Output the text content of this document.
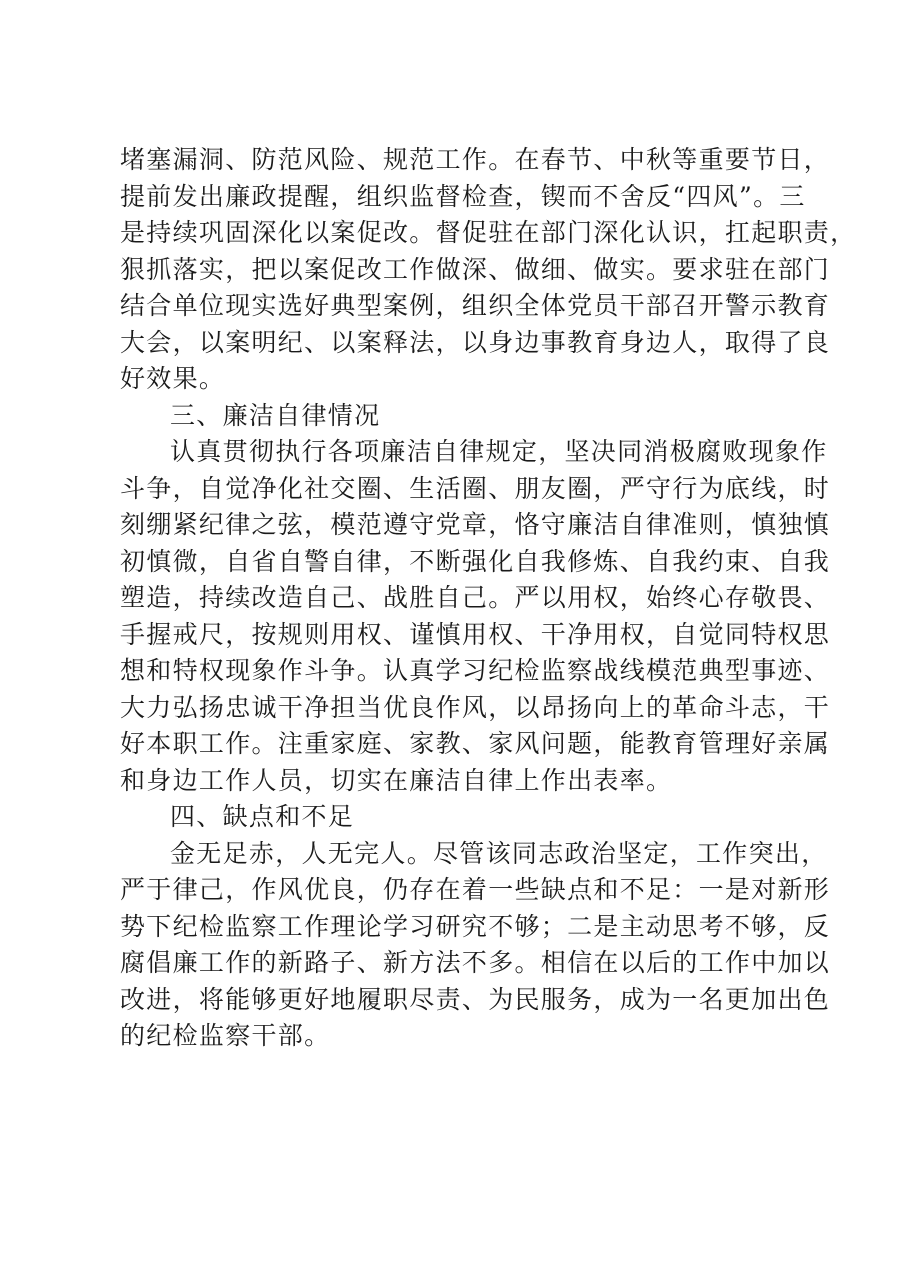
堵塞漏洞、防范风险、规范工作。在春节、中秋等重要节日，
提前发出廉政提醒，组织监督检查，锲而不舍反“四风”。三
是持续巩固深化以案促改。督促驻在部门深化认识，扛起职责，
狠抓落实，把以案促改工作做深、做细、做实。要求驻在部门
结合单位现实选好典型案例，组织全体党员干部召开警示教育
大会，以案明纪、以案释法，以身边事教育身边人，取得了良
好效果。
三、廉洁自律情况
认真贯彻执行各项廉洁自律规定，坚决同消极腐败现象作
斗争，自觉净化社交圈、生活圈、朋友圈，严守行为底线，时
刻绷紧纪律之弦，模范遵守党章，恪守廉洁自律准则，慎独慎
初慎微，自省自警自律，不断强化自我修炼、自我约束、自我
塑造，持续改造自己、战胜自己。严以用权，始终心存敬畏、
手握戒尺，按规则用权、谨慎用权、干净用权，自觉同特权思
想和特权现象作斗争。认真学习纪检监察战线模范典型事迹、
大力弘扬忠诚干净担当优良作风，以昂扬向上的革命斗志，干
好本职工作。注重家庭、家教、家风问题，能教育管理好亲属
和身边工作人员，切实在廉洁自律上作出表率。
四、缺点和不足
金无足赤，人无完人。尽管该同志政治坚定，工作突出，
严于律己，作风优良，仍存在着一些缺点和不足：一是对新形
势下纪检监察工作理论学习研究不够；二是主动思考不够，反
腐倡廉工作的新路子、新方法不多。相信在以后的工作中加以
改进，将能够更好地履职尽责、为民服务，成为一名更加出色
的纪检监察干部。
